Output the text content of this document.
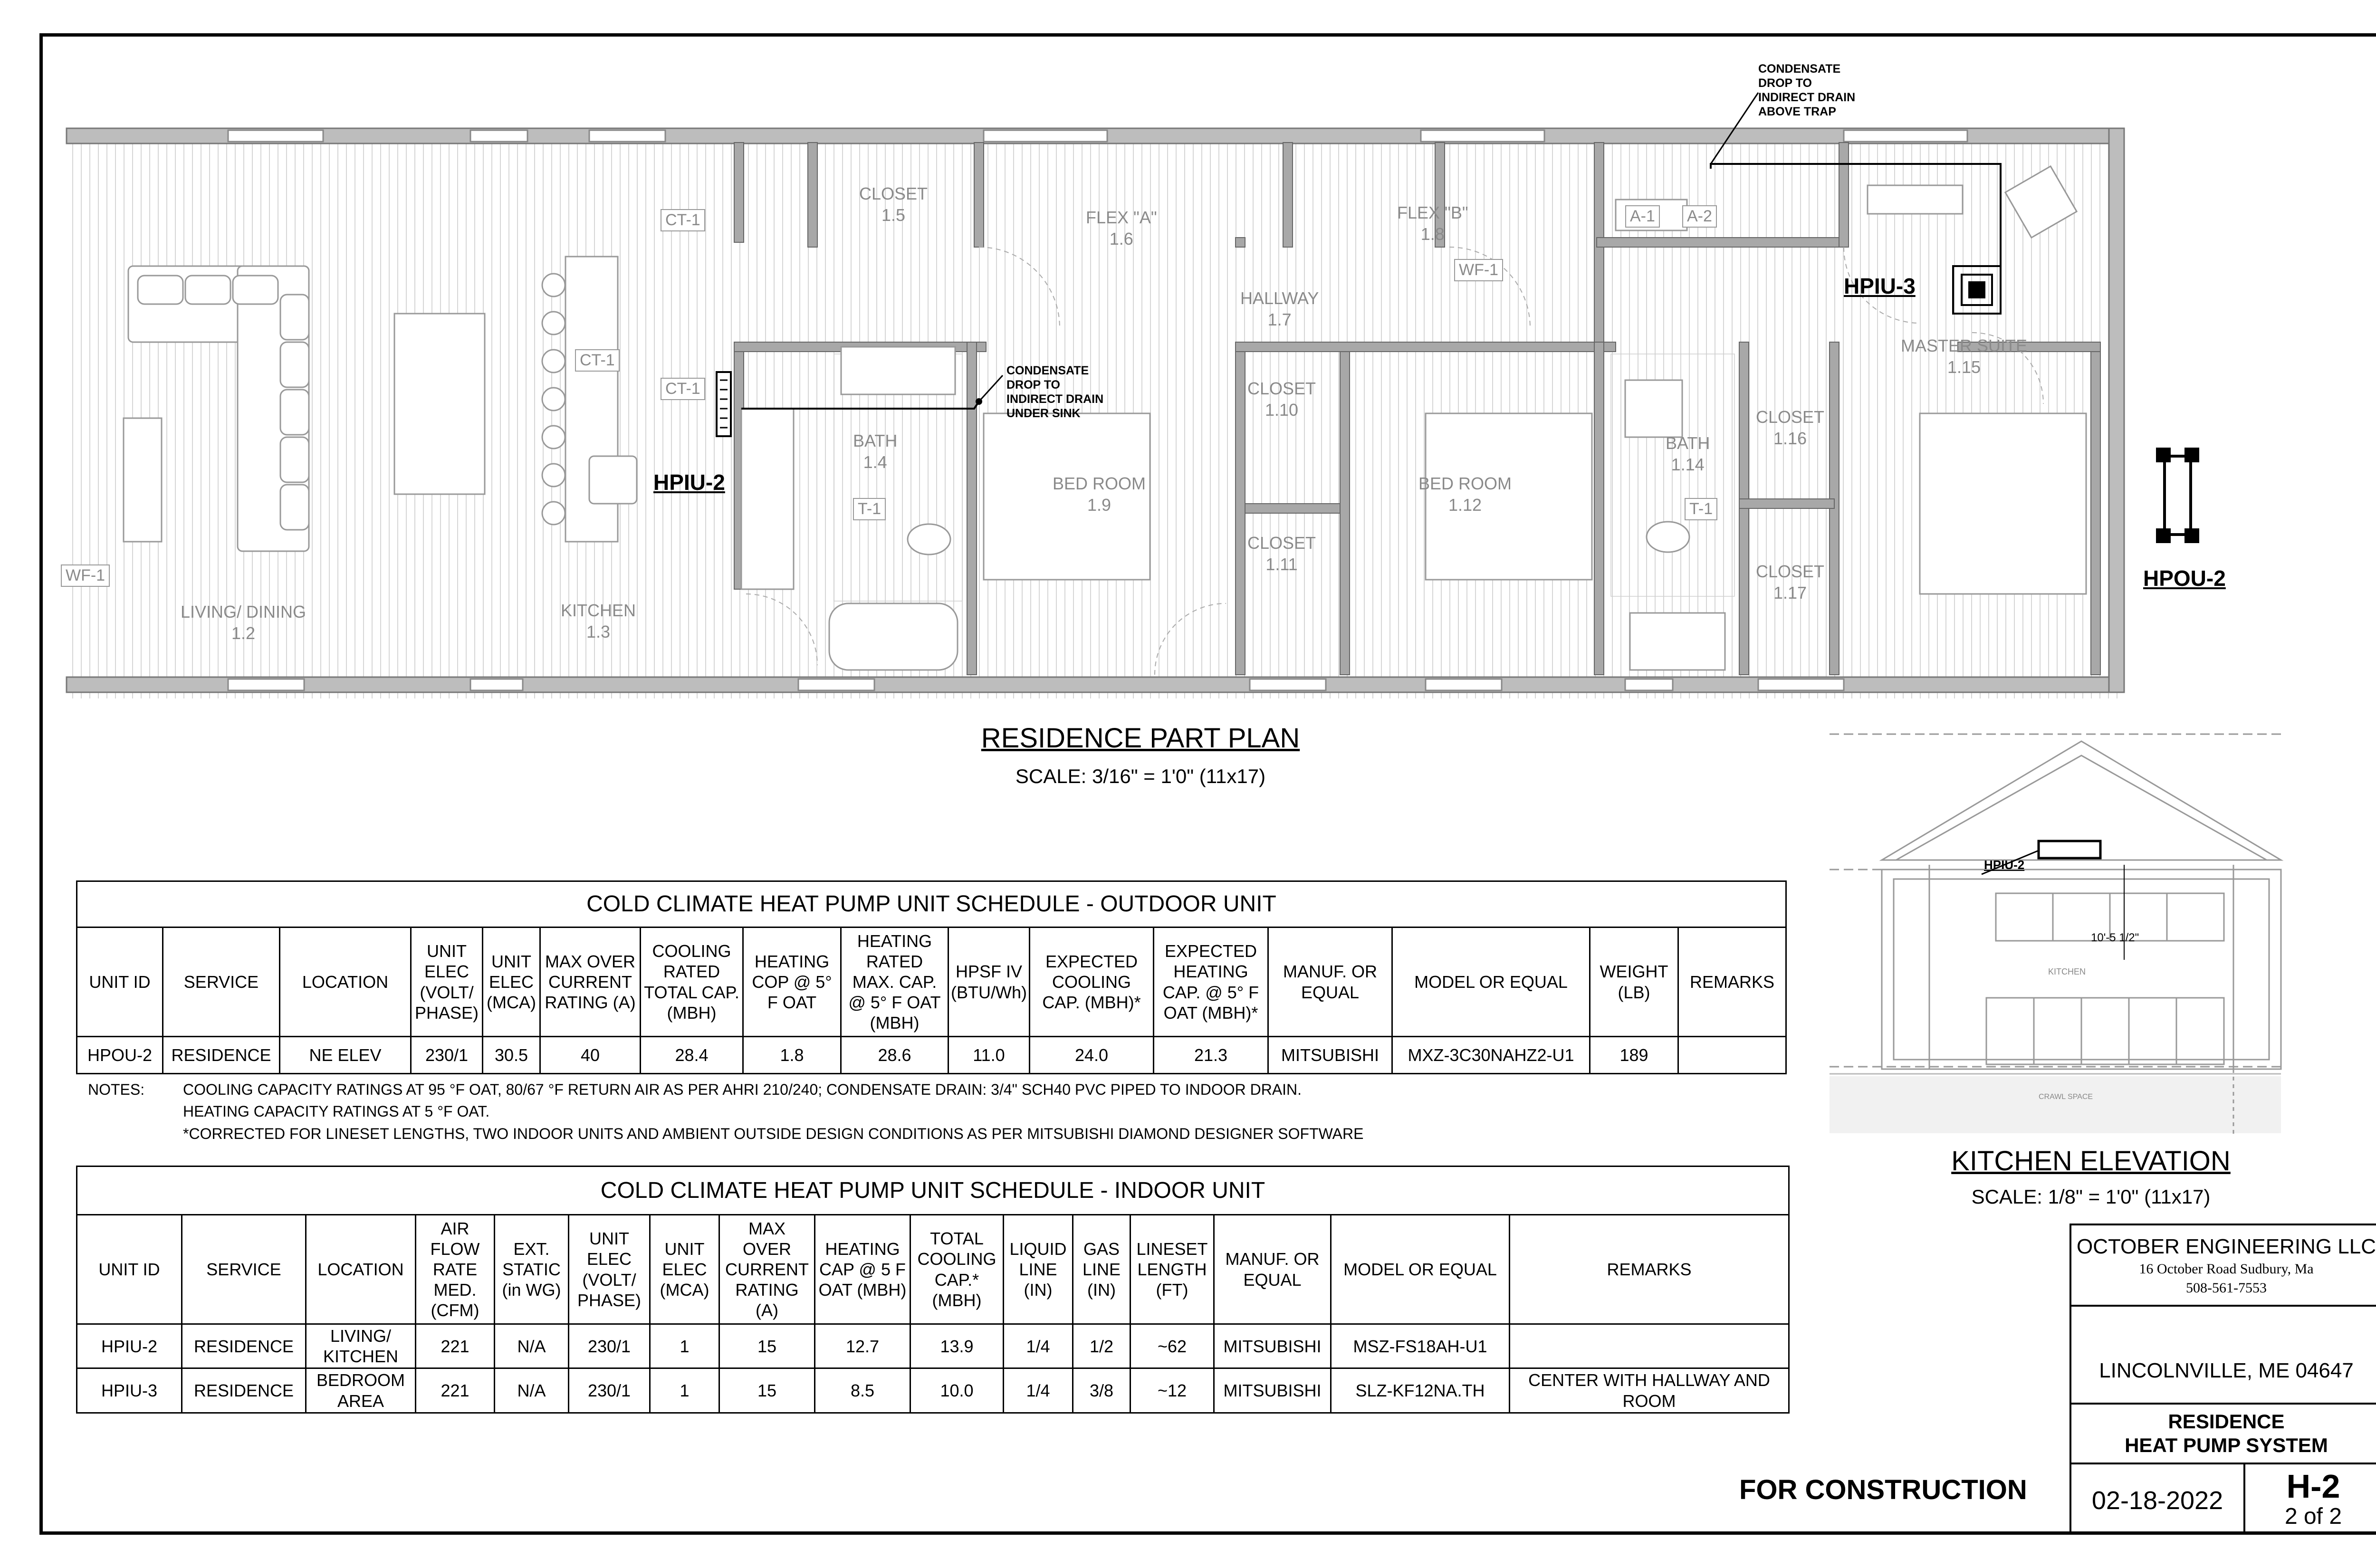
LIVING/ DINING
1.2
KITCHEN
1.3
CLOSET
1.5	FLEX "A"
1.6
FLEX "B"
1.8
HALLWAY
1.7
BATH
1.4
BED ROOM
1.9
CLOSET
1.10
CLOSET
1.11
BED ROOM
1.12
BATH
1.14
CLOSET
1.16
CLOSET
1.17
MASTER SUITE
1.15
CT-1
CT-1
CT-1
WF-1
WF-1
T-1	T-1
A-1 A-2
HPIU-2
HPIU-3
HPOU-2
CONDENSATE
DROP TO
INDIRECT DRAIN
UNDER SINK
CONDENSATE
DROP TO
INDIRECT DRAIN
ABOVE TRAP
RESIDENCE PART PLAN
SCALE: 3/16" = 1'0" (11x17)
HPIU-2
10'-5 1/2"
KITCHEN
CRAWL SPACE
KITCHEN ELEVATION
SCALE: 1/8" = 1'0" (11x17)
COLD CLIMATE HEAT PUMP UNIT SCHEDULE - OUTDOOR UNIT															
UNIT ID	SERVICE	LOCATION	UNIT ELEC (VOLT/ PHASE)	UNIT ELEC (MCA)	MAX OVER CURRENT RATING (A)	COOLING RATED TOTAL CAP. (MBH)	HEATING COP @ 5° F OAT	HEATING RATED MAX. CAP. @ 5° F OAT (MBH)	HPSF IV (BTU/Wh)	EXPECTED COOLING CAP. (MBH)*	EXPECTED HEATING CAP. @ 5° F OAT (MBH)*	MANUF. OR EQUAL	MODEL OR EQUAL	WEIGHT (LB)	REMARKS
HPOU-2	RESIDENCE	NE ELEV	230/1	30.5	40	28.4	1.8	28.6	11.0	24.0	21.3	MITSUBISHI	MXZ-3C30NAHZ2-U1	189	
NOTES:	COOLING CAPACITY RATINGS AT 95 °F OAT, 80/67 °F RETURN AIR AS PER AHRI 210/240; CONDENSATE DRAIN: 3/4" SCH40 PVC PIPED TO INDOOR DRAIN.
HEATING CAPACITY RATINGS AT 5 °F OAT.
*CORRECTED FOR LINESET LENGTHS, TWO INDOOR UNITS AND AMBIENT OUTSIDE DESIGN CONDITIONS AS PER MITSUBISHI DIAMOND DESIGNER SOFTWARE
COLD CLIMATE HEAT PUMP UNIT SCHEDULE - INDOOR UNIT															
UNIT ID	SERVICE	LOCATION	AIR FLOW RATE MED. (CFM)	EXT. STATIC (in WG)	UNIT ELEC (VOLT/ PHASE)	UNIT ELEC (MCA)	MAX OVER CURRENT RATING (A)	HEATING CAP @ 5 F OAT (MBH)	TOTAL COOLING CAP.* (MBH)	LIQUID LINE (IN)	GAS LINE (IN)	LINESET LENGTH (FT)	MANUF. OR EQUAL	MODEL OR EQUAL	REMARKS
HPIU-2	RESIDENCE	LIVING/ KITCHEN	221	N/A	230/1	1	15	12.7	13.9	1/4	1/2	~62	MITSUBISHI	MSZ-FS18AH-U1	
HPIU-3	RESIDENCE	BEDROOM AREA	221	N/A	230/1	1	15	8.5	10.0	1/4	3/8	~12	MITSUBISHI	SLZ-KF12NA.TH	CENTER WITH HALLWAY AND ROOM
OCTOBER ENGINEERING LLC
16 October Road Sudbury, Ma
508-561-7553
LINCOLNVILLE, ME 04647
RESIDENCE
HEAT PUMP SYSTEM
02-18-2022	H-2
2 of 2
FOR CONSTRUCTION
